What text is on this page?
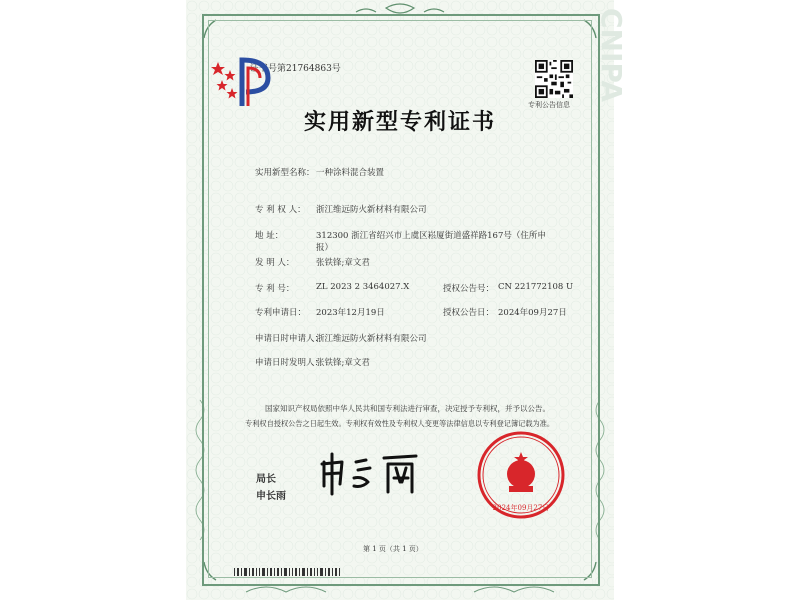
CNIPA
证书号第21764863号
专利公告信息
实用新型专利证书
实用新型名称： 一种涂料混合装置
专 利 权 人： 浙江维远防火新材料有限公司
地 址：	312300 浙江省绍兴市上虞区崧厦街道盛祥路167号（住所申
报）
发 明 人：	张铁锋;章文君
专 利 号：	ZL 2023 2 3464027.X	授权公告号： CN 221772108 U
专利申请日： 2023年12月19日	授权公告日： 2024年09月27日
申请日时申请人：
浙江维远防火新材料有限公司
申请日时发明人：
张铁锋;章文君
国家知识产权局依照中华人民共和国专利法进行审查，决定授予专利权，并予以公告。
专利权自授权公告之日起生效。专利权有效性及专利权人变更等法律信息以专利登记簿记载为准。
局长
申长雨
2024年09月27日
第 1 页（共 1 页）
